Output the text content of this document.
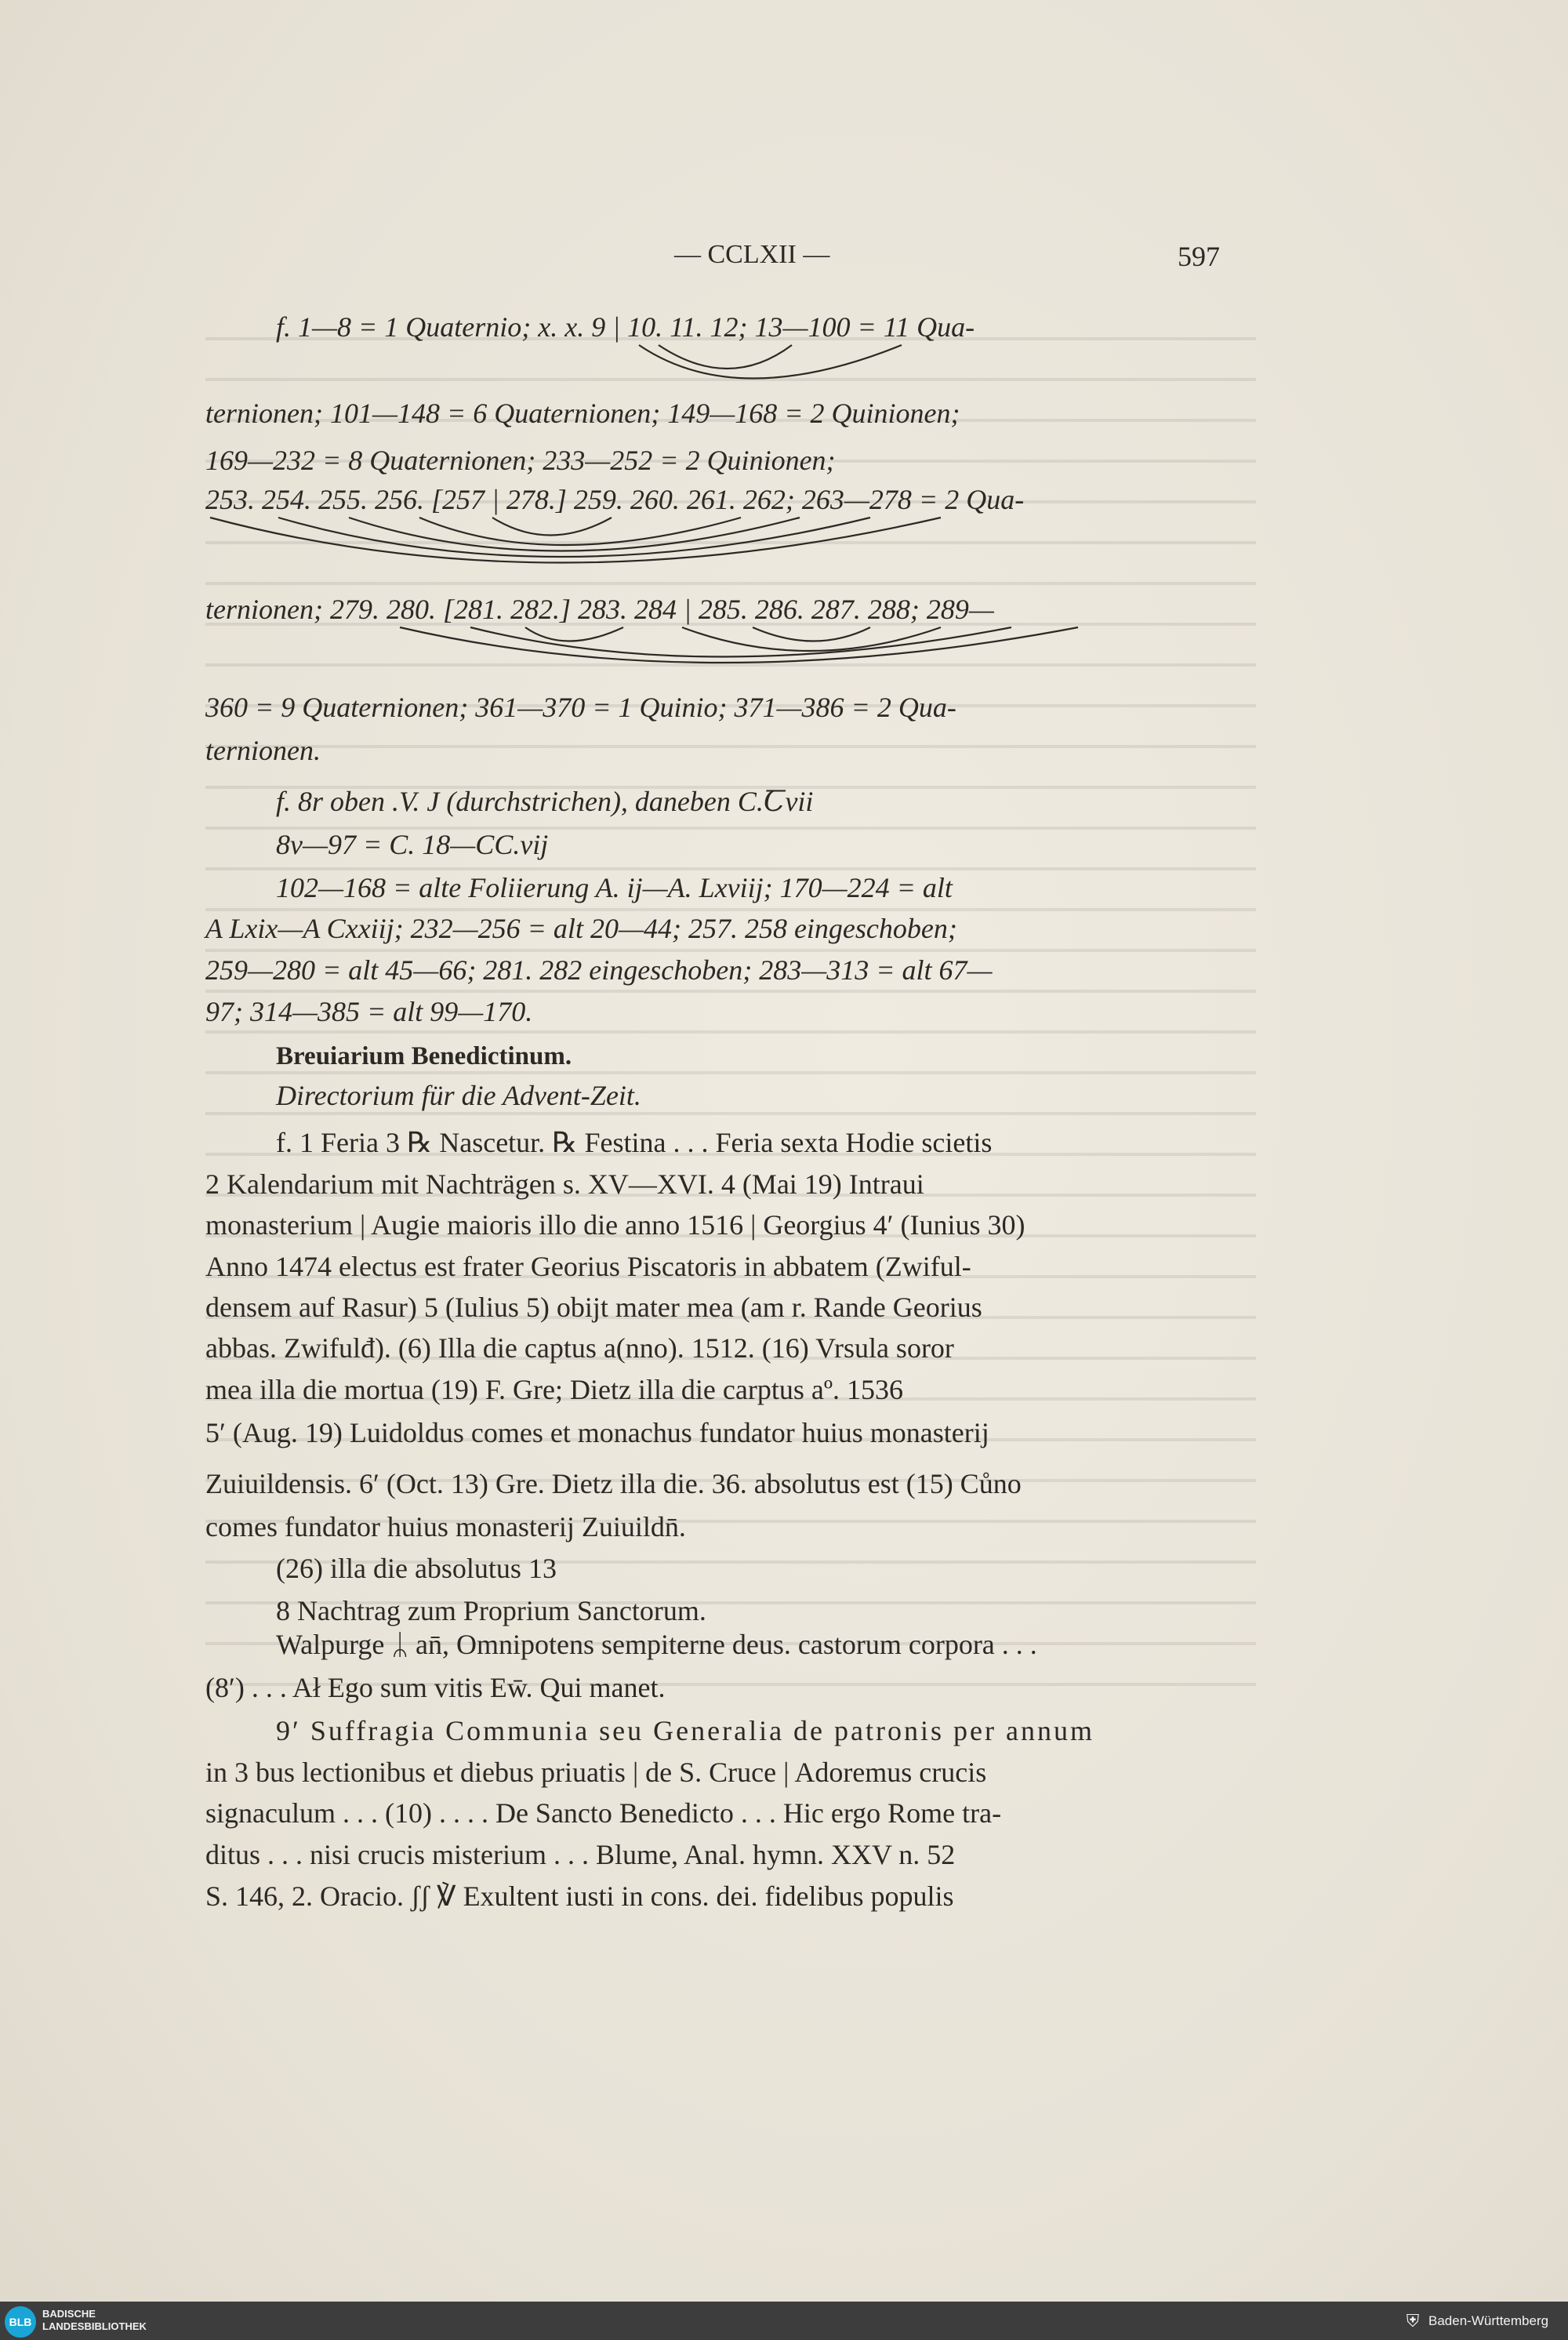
— CCLXII —	597
f. 1—8 = 1 Quaternio; x. x. 9 | 10. 11. 12; 13—100 = 11 Qua-
ternionen; 101—148 = 6 Quaternionen; 149—168 = 2 Quinionen;
169—232 = 8 Quaternionen; 233—252 = 2 Quinionen;
253. 254. 255. 256. [257 | 278.] 259. 260. 261. 262; 263—278 = 2 Qua-
ternionen; 279. 280. [281. 282.] 283. 284 | 285. 286. 287. 288; 289—
360 = 9 Quaternionen; 361—370 = 1 Quinio; 371—386 = 2 Qua-
ternionen.
f. 8r oben .V. J (durchstrichen), daneben C.Ꞇvii
8v—97 = C. 18—CC.vij
102—168 = alte Foliierung A. ij—A. Lxviij; 170—224 = alt
A Lxix—A Cxxiij; 232—256 = alt 20—44; 257. 258 eingeschoben;
259—280 = alt 45—66; 281. 282 eingeschoben; 283—313 = alt 67—
97; 314—385 = alt 99—170.
Breuiarium Benedictinum.
Directorium für die Advent-Zeit.
f. 1 Feria 3 ℞ Nascetur. ℞ Festina . . . Feria sexta Hodie scietis
2 Kalendarium mit Nachträgen s. XV—XVI. 4 (Mai 19) Intraui
monasterium | Augie maioris illo die anno 1516 | Georgius 4′ (Iunius 30)
Anno 1474 electus est frater Georius Piscatoris in abbatem (Zwiful-
densem auf Rasur) 5 (Iulius 5) obijt mater mea (am r. Rande Georius
abbas. Zwifulđ). (6) Illa die captus a(nno). 1512. (16) Vrsula soror
mea illa die mortua (19) F. Gre; Dietz illa die carptus aº. 1536
5′ (Aug. 19) Luidoldus comes et monachus fundator huius monasterij
Zuiuildensis. 6′ (Oct. 13) Gre. Dietz illa die. 36. absolutus est (15) Cůno
comes fundator huius monasterij Zuiuildn̄.
(26) illa die absolutus 13
8 Nachtrag zum Proprium Sanctorum.
Walpurge ᛦ an̄, Omnipotens sempiterne deus. castorum corpora . . .
(8′) . . . Ał Ego sum vitis Ew̄. Qui manet.
9′ Suffragia Communia seu Generalia de patronis per annum
in 3 bus lectionibus et diebus priuatis | de S. Cruce | Adoremus crucis
signaculum . . . (10) . . . . De Sancto Benedicto . . . Hic ergo Rome tra-
ditus . . . nisi crucis misterium . . . Blume, Anal. hymn. XXV n. 52
S. 146, 2. Oracio. ʃʃ ℣ Exultent iusti in cons. dei. fidelibus populis
BLB
BADISCHE
LANDESBIBLIOTHEK	⛨ Baden-Württemberg
